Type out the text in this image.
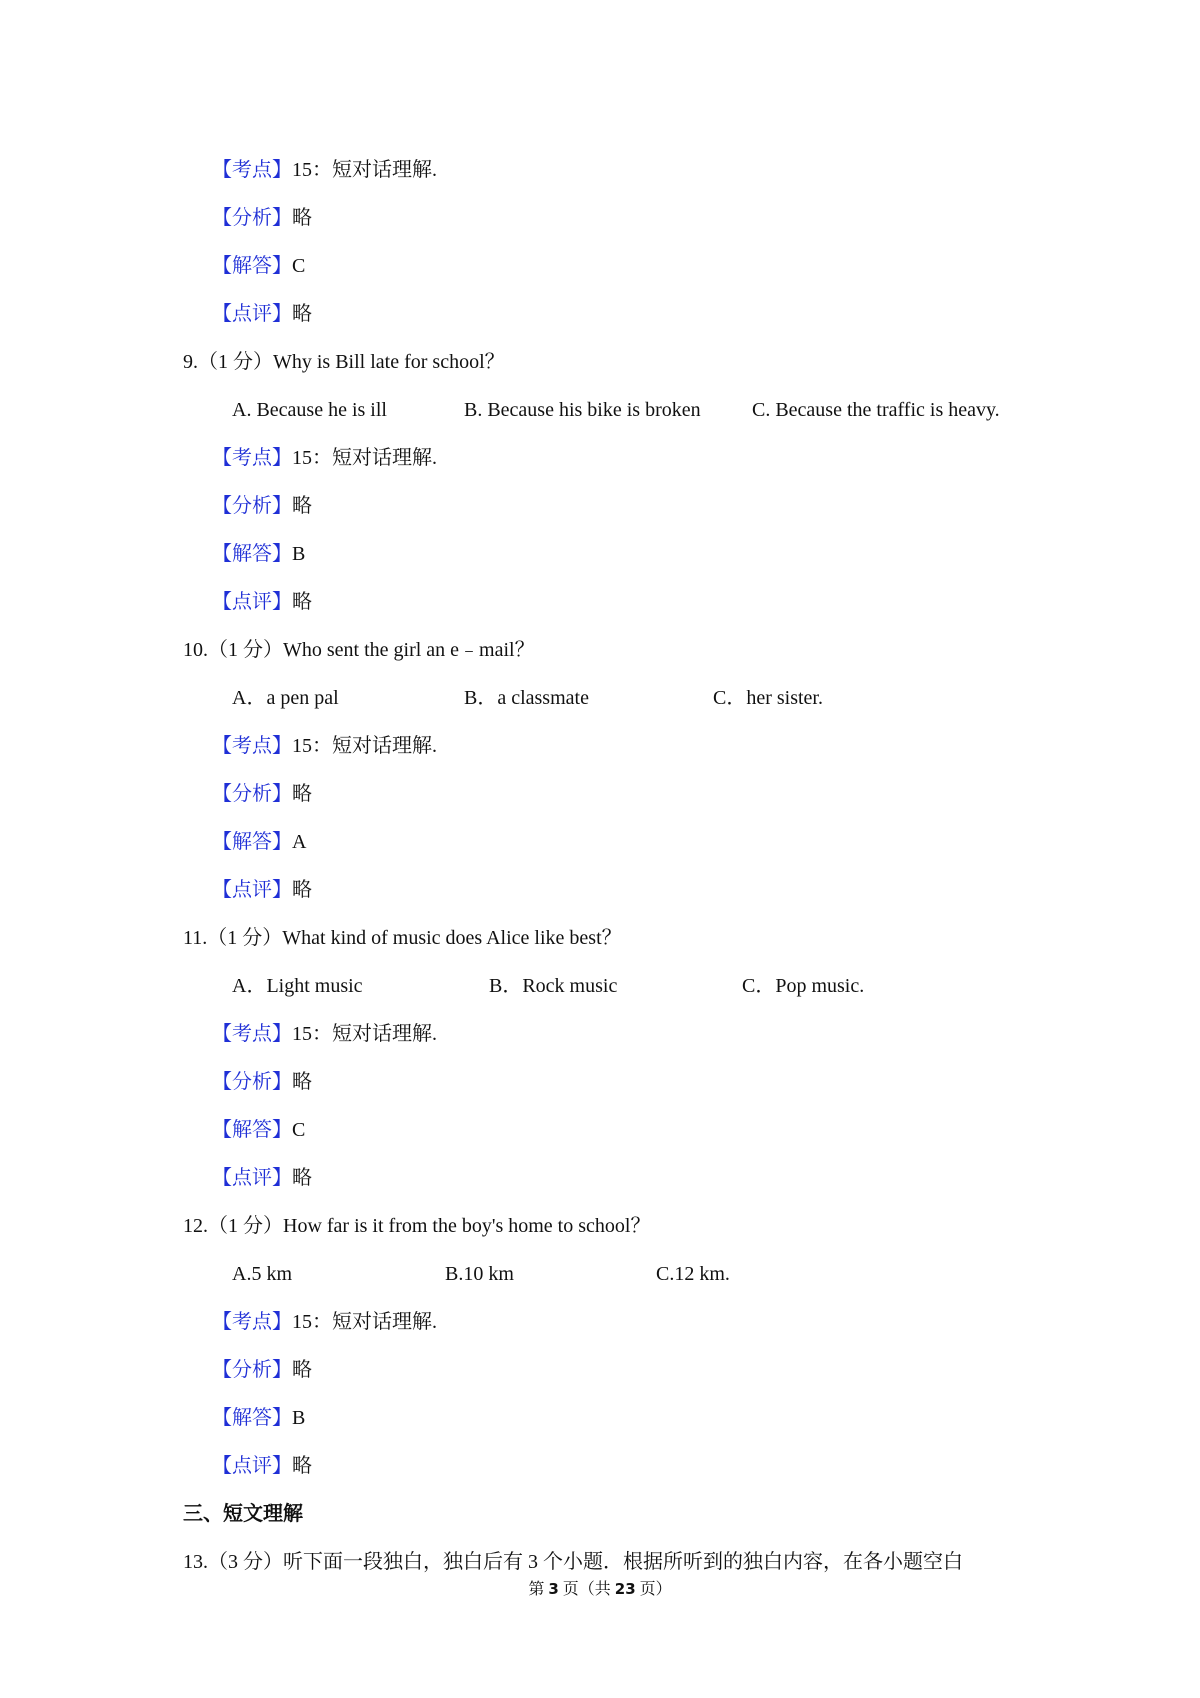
【考点】15：短对话理解.
【分析】略
【解答】C
【点评】略
9.（1 分）Why is Bill late for school？
A. Because he is ill	B. Because his bike is broken	C. Because the traffic is heavy.
【考点】15：短对话理解.
【分析】略
【解答】B
【点评】略
10.（1 分）Who sent the girl an e﹣mail？
A．a pen pal	B．a classmate	C．her sister.
【考点】15：短对话理解.
【分析】略
【解答】A
【点评】略
11.（1 分）What kind of music does Alice like best？
A．Light music	B．Rock music	C．Pop music.
【考点】15：短对话理解.
【分析】略
【解答】C
【点评】略
12.（1 分）How far is it from the boy's home to school？
A.5 km	B.10 km	C.12 km.
【考点】15：短对话理解.
【分析】略
【解答】B
【点评】略
三、短文理解
13.（3 分）听下面一段独白，独白后有 3 个小题．根据所听到的独白内容，在各小题空白
第 3 页（共 23 页）
